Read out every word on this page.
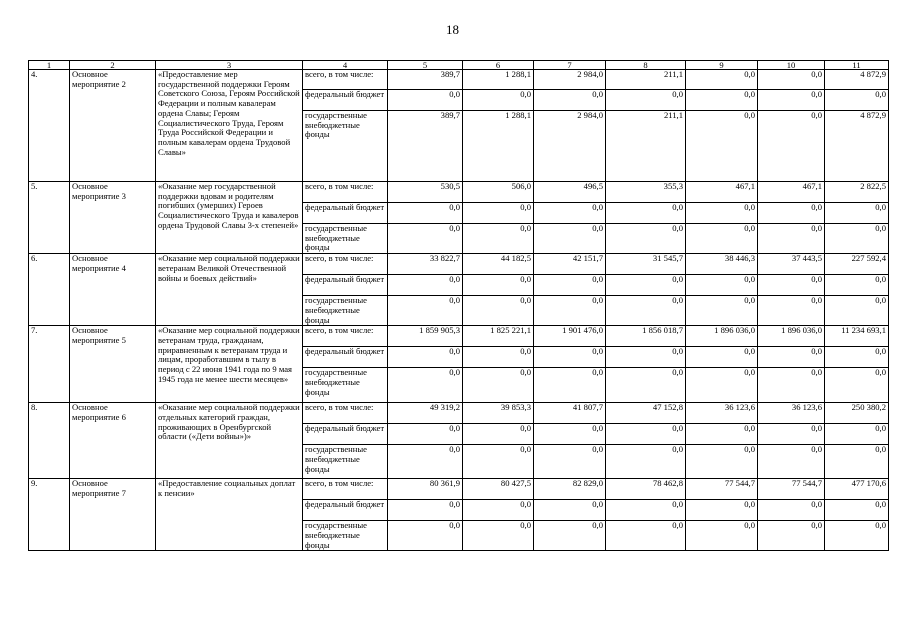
18
1	2	3	4	5	6	7	8	9	10	11
4.	Основное мероприятие 2	«Предоставление мер государственной поддержки Героям Советского Союза, Героям Российской Федерации и полным кавалерам ордена Славы; Героям Социалистического Труда, Героям Труда Российской Федерации и полным кавалерам ордена Трудовой Славы»	всего, в том числе:	389,7	1 288,1	2 984,0	211,1	0,0	0,0	4 872,9
			федеральный бюджет	0,0	0,0	0,0	0,0	0,0	0,0	0,0
			государственные внебюджетные фонды	389,7	1 288,1	2 984,0	211,1	0,0	0,0	4 872,9
5.	Основное мероприятие 3	«Оказание мер государственной поддержки вдовам и родителям погибших (умерших) Героев Социалистического Труда и кавалеров ордена Трудовой Славы 3-х степеней»	всего, в том числе:	530,5	506,0	496,5	355,3	467,1	467,1	2 822,5
			федеральный бюджет	0,0	0,0	0,0	0,0	0,0	0,0	0,0
			государственные внебюджетные фонды	0,0	0,0	0,0	0,0	0,0	0,0	0,0
6.	Основное мероприятие 4	«Оказание мер социальной поддержки ветеранам Великой Отечественной войны и боевых действий»	всего, в том числе:	33 822,7	44 182,5	42 151,7	31 545,7	38 446,3	37 443,5	227 592,4
			федеральный бюджет	0,0	0,0	0,0	0,0	0,0	0,0	0,0
			государственные внебюджетные фонды	0,0	0,0	0,0	0,0	0,0	0,0	0,0
7.	Основное мероприятие 5	«Оказание мер социальной поддержки ветеранам труда, гражданам, приравненным к ветеранам труда и лицам, проработавшим в тылу в период с 22 июня 1941 года по 9 мая 1945 года не менее шести месяцев»	всего, в том числе:	1 859 905,3	1 825 221,1	1 901 476,0	1 856 018,7	1 896 036,0	1 896 036,0	11 234 693,1
			федеральный бюджет	0,0	0,0	0,0	0,0	0,0	0,0	0,0
			государственные внебюджетные фонды	0,0	0,0	0,0	0,0	0,0	0,0	0,0
8.	Основное мероприятие 6	«Оказание мер социальной поддержки отдельных категорий граждан, проживающих в Оренбургской области («Дети войны»)»	всего, в том числе:	49 319,2	39 853,3	41 807,7	47 152,8	36 123,6	36 123,6	250 380,2
			федеральный бюджет	0,0	0,0	0,0	0,0	0,0	0,0	0,0
			государственные внебюджетные фонды	0,0	0,0	0,0	0,0	0,0	0,0	0,0
9.	Основное мероприятие 7	«Предоставление социальных доплат к пенсии»	всего, в том числе:	80 361,9	80 427,5	82 829,0	78 462,8	77 544,7	77 544,7	477 170,6
			федеральный бюджет	0,0	0,0	0,0	0,0	0,0	0,0	0,0
			государственные внебюджетные фонды	0,0	0,0	0,0	0,0	0,0	0,0	0,0
